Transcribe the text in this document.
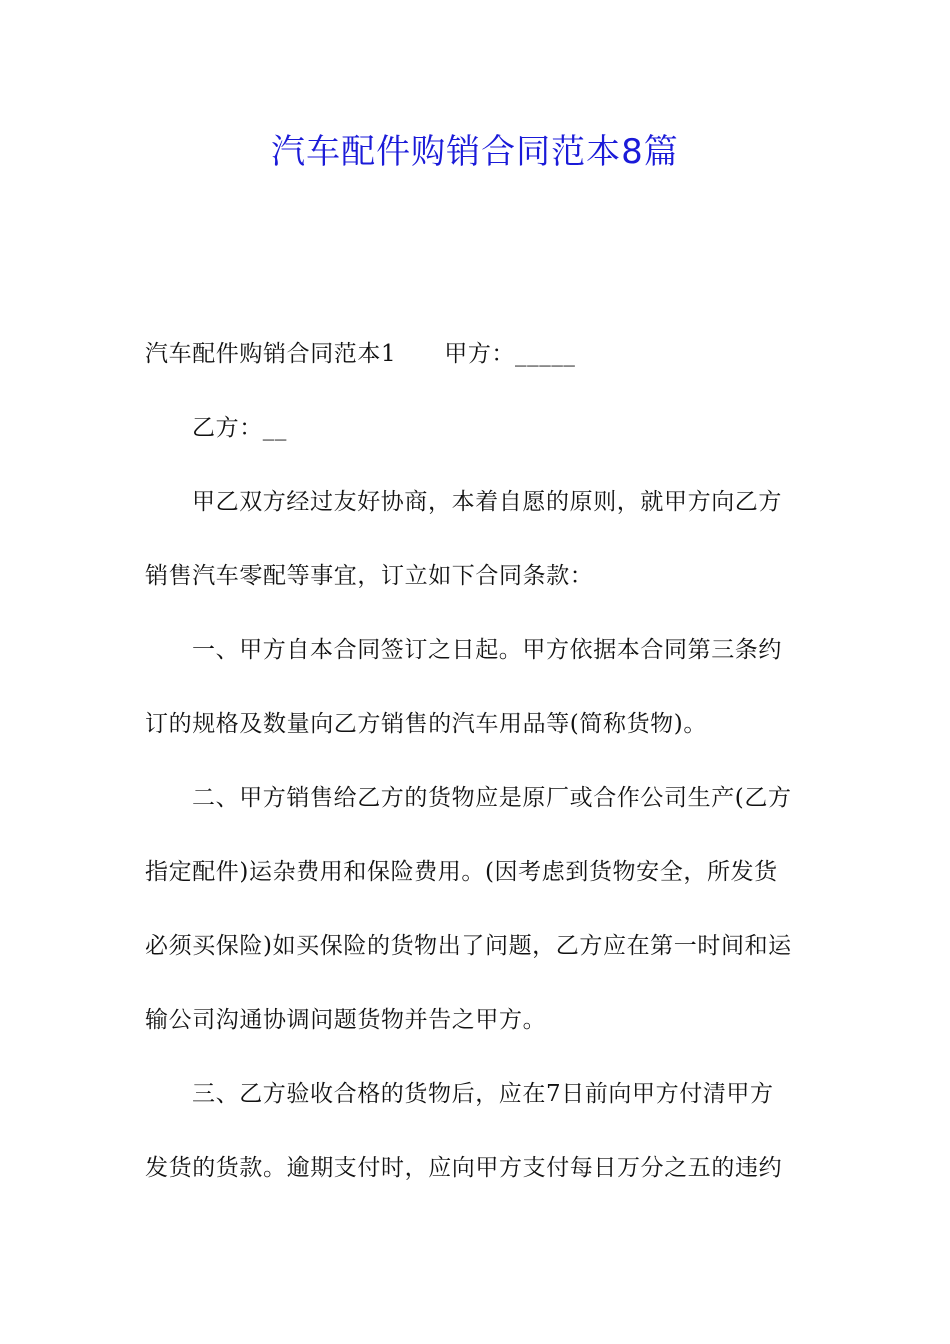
汽车配件购销合同范本8篇
汽车配件购销合同范本1 甲方：_____
乙方：__
甲乙双方经过友好协商，本着自愿的原则，就甲方向乙方
销售汽车零配等事宜，订立如下合同条款：
一、甲方自本合同签订之日起。甲方依据本合同第三条约
订的规格及数量向乙方销售的汽车用品等(简称货物)。
二、甲方销售给乙方的货物应是原厂或合作公司生产(乙方
指定配件)运杂费用和保险费用。(因考虑到货物安全，所发货
必须买保险)如买保险的货物出了问题，乙方应在第一时间和运
输公司沟通协调问题货物并告之甲方。
三、乙方验收合格的货物后，应在7日前向甲方付清甲方
发货的货款。逾期支付时，应向甲方支付每日万分之五的违约
